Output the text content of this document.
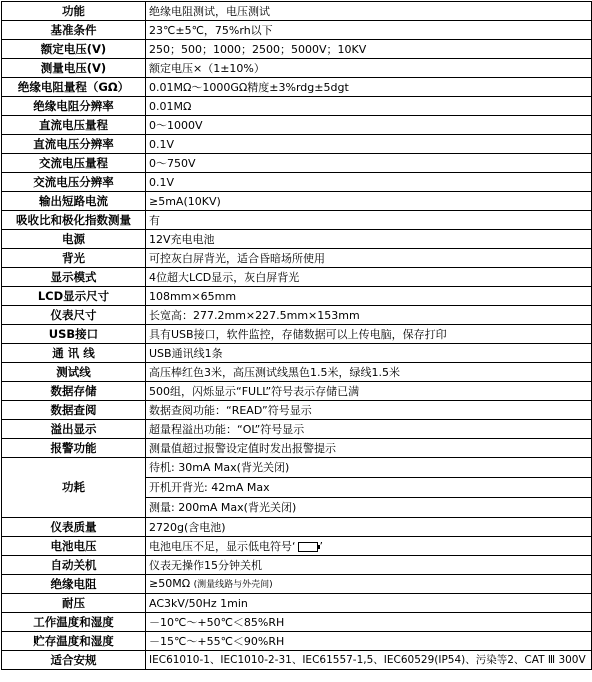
功能	绝缘电阻测试，电压测试
基准条件	23℃±5℃，75%rh以下
额定电压(V)	250；500；1000；2500；5000V；10KV
测量电压(V)	额定电压×（1±10%）
绝缘电阻量程（GΩ）	0.01MΩ～1000GΩ精度±3%rdg±5dgt
绝缘电阻分辨率	0.01MΩ
直流电压量程	0～1000V
直流电压分辨率	0.1V
交流电压量程	0～750V
交流电压分辨率	0.1V
输出短路电流	≥5mA(10KV)
吸收比和极化指数测量	有
电源	12V充电电池
背光	可控灰白屏背光，适合昏暗场所使用
显示模式	4位超大LCD显示，灰白屏背光
LCD显示尺寸	108mm×65mm
仪表尺寸	长宽高：277.2mm×227.5mm×153mm
USB接口	具有USB接口，软件监控，存储数据可以上传电脑，保存打印
通 讯 线	USB通讯线1条
测试线	高压棒红色3米，高压测试线黑色1.5米，绿线1.5米
数据存储	500组，闪烁显示“FULL”符号表示存储已满
数据查阅	数据查阅功能：“READ”符号显示
溢出显示	超量程溢出功能：“OL”符号显示
报警功能	测量值超过报警设定值时发出报警提示
功耗	待机: 30mA Max(背光关闭)
开机开背光: 42mA Max
测量: 200mA Max(背光关闭)

仪表质量	2720g(含电池)
电池电压	电池电压不足，显示低电符号‘ ’
自动关机	仪表无操作15分钟关机
绝缘电阻	≥50MΩ (测量线路与外壳间)
耐压	AC3kV/50Hz 1min
工作温度和湿度	－10℃～+50℃＜85%RH
贮存温度和湿度	－15℃～+55℃＜90%RH
适合安规	IEC61010-1、IEC1010-2-31、IEC61557-1,5、IEC60529(IP54)、污染等2、CAT Ⅲ 300V
